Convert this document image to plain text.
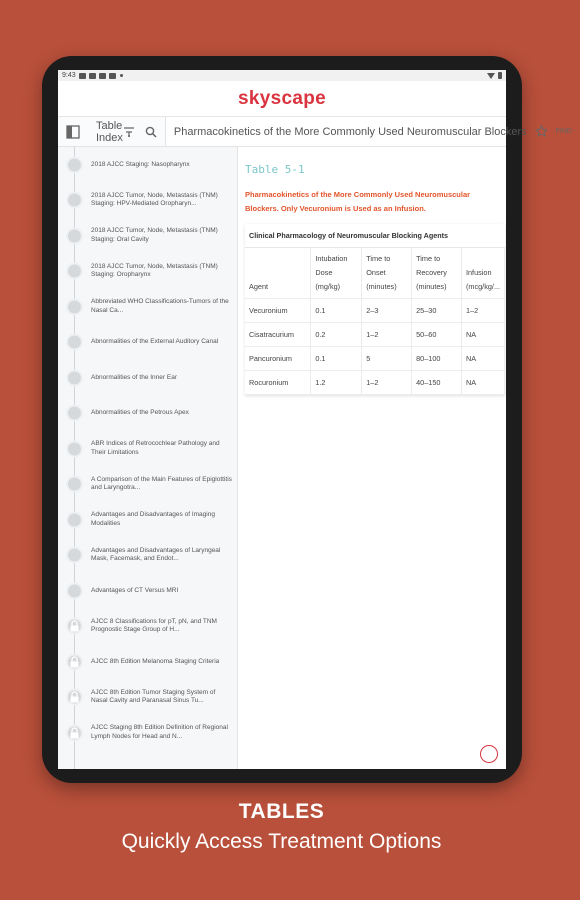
9:43
skyscape
Table Index	Pharmacokinetics of the More Commonly Used Neuromuscular Blockers	FIND
2018 AJCC Staging: Nasopharynx
2018 AJCC Tumor, Node, Metastasis (TNM) Staging: HPV-Mediated Oropharyn...
2018 AJCC Tumor, Node, Metastasis (TNM) Staging: Oral Cavity
2018 AJCC Tumor, Node, Metastasis (TNM) Staging: Oropharynx
Abbreviated WHO Classifications-Tumors of the Nasal Ca...
Abnormalities of the External Auditory Canal
Abnormalities of the Inner Ear
Abnormalities of the Petrous Apex
ABR Indices of Retrocochlear Pathology and Their Limitations
A Comparison of the Main Features of Epiglottitis and Laryngotra...
Advantages and Disadvantages of Imaging Modalities
Advantages and Disadvantages of Laryngeal Mask, Facemask, and Endot...
Advantages of CT Versus MRI
AJCC 8 Classifications for pT, pN, and TNM Prognostic Stage Group of H...
AJCC 8th Edition Melanoma Staging Criteria
AJCC 8th Edition Tumor Staging System of Nasal Cavity and Paranasal Sinus Tu...
AJCC Staging 8th Edition Definition of Regional Lymph Nodes for Head and N...
Table 5-1
Pharmacokinetics of the More Commonly Used Neuromuscular Blockers. Only Vecuronium is Used as an Infusion.
Clinical Pharmacology of Neuromuscular Blocking Agents
Agent	Intubation Dose (mg/kg)	Time to Onset (minutes)	Time to Recovery (minutes)	Infusion (mcg/kg/...
Vecuronium	0.1	2–3	25–30	1–2
Cisatracurium	0.2	1–2	50–60	NA
Pancuronium	0.1	5	80–100	NA
Rocuronium	1.2	1–2	40–150	NA
TABLES
Quickly Access Treatment Options
